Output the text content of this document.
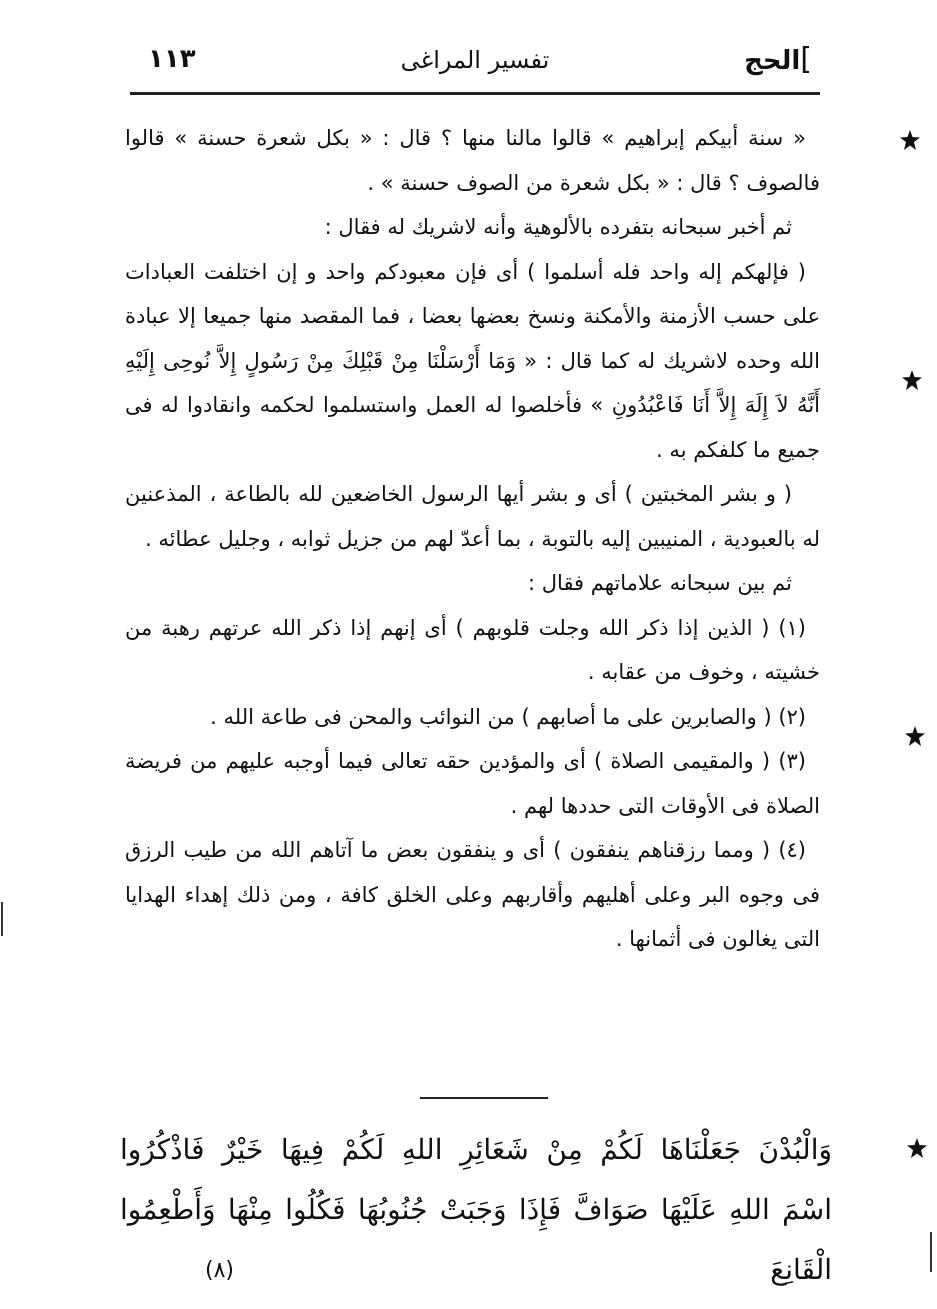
]الحج
تفسير المراغى
١١٣

« سنة أبيكم إبراهيم » قالوا مالنا منها ؟ قال : « بكل شعرة حسنة » قالوا فالصوف ؟ قال : « بكل شعرة من الصوف حسنة » .

ثم أخبر سبحانه بتفرده بالألوهية وأنه لاشريك له فقال :

( فإلهكم إله واحد فله أسلموا ) أى فإن معبودكم واحد و إن اختلفت العبادات على حسب الأزمنة والأمكنة ونسخ بعضها بعضا ، فما المقصد منها جميعا إلا عبادة الله وحده لاشريك له كما قال : « وَمَا أَرْسَلْنَا مِنْ قَبْلِكَ مِنْ رَسُولٍ إِلاَّ نُوحِى إِلَيْهِ أَنَّهُ لاَ إِلَهَ إِلاَّ أَنَا فَاعْبُدُونِ » فأخلصوا له العمل واستسلموا لحكمه وانقادوا له فى جميع ما كلفكم به .

( و بشر المخبتين ) أى و بشر أيها الرسول الخاضعين لله بالطاعة ، المذعنين له بالعبودية ، المنيبين إليه بالتوبة ، بما أعدّ لهم من جزيل ثوابه ، وجليل عطائه .

ثم بين سبحانه علاماتهم فقال :

(١) ( الذين إذا ذكر الله وجلت قلوبهم ) أى إنهم إذا ذكر الله عرتهم رهبة من خشيته ، وخوف من عقابه .

(٢) ( والصابرين على ما أصابهم ) من النوائب والمحن فى طاعة الله .

(٣) ( والمقيمى الصلاة ) أى والمؤدين حقه تعالى فيما أوجبه عليهم من فريضة الصلاة فى الأوقات التى حددها لهم .

(٤) ( ومما رزقناهم ينفقون ) أى و ينفقون بعض ما آتاهم الله من طيب الرزق فى وجوه البر وعلى أهليهم وأقاربهم وعلى الخلق كافة ، ومن ذلك إهداء الهدايا التى يغالون فى أثمانها .

وَالْبُدْنَ جَعَلْنَاهَا لَكُمْ مِنْ شَعَائِرِ اللهِ لَكُمْ فِيهَا خَيْرٌ فَاذْكُرُوا

اسْمَ اللهِ عَلَيْهَا صَوَافَّ فَإِذَا وَجَبَتْ جُنُوبُهَا فَكُلُوا مِنْهَا وَأَطْعِمُوا الْقَانِعَ

(٨)
